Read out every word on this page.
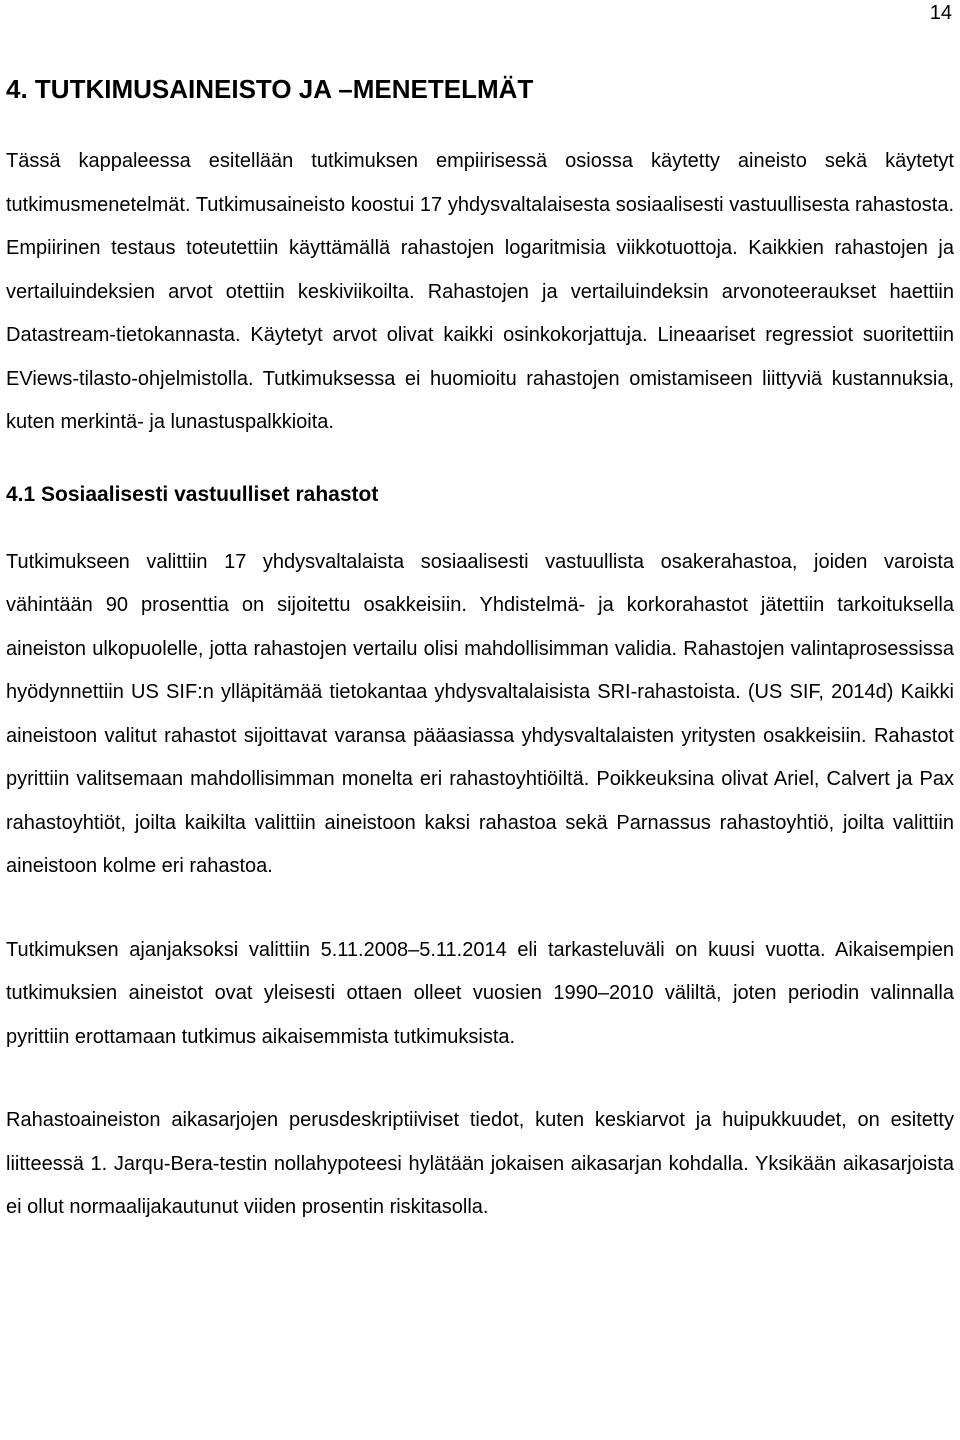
14
4. TUTKIMUSAINEISTO JA –MENETELMÄT

Tässä kappaleessa esitellään tutkimuksen empiirisessä osiossa käytetty aineisto sekä käytetyt tutkimusmenetelmät. Tutkimusaineisto koostui 17 yhdysvaltalaisesta sosiaalisesti vastuullisesta rahastosta. Empiirinen testaus toteutettiin käyttämällä rahastojen logaritmisia viikkotuottoja. Kaikkien rahastojen ja vertailuindeksien arvot otettiin keskiviikoilta. Rahastojen ja vertailuindeksin arvonoteeraukset haettiin Datastream-tietokannasta. Käytetyt arvot olivat kaikki osinkokorjattuja. Lineaariset regressiot suoritettiin EViews-tilasto-ohjelmistolla. Tutkimuksessa ei huomioitu rahastojen omistamiseen liittyviä kustannuksia, kuten merkintä- ja lunastuspalkkioita.

4.1 Sosiaalisesti vastuulliset rahastot

Tutkimukseen valittiin 17 yhdysvaltalaista sosiaalisesti vastuullista osakerahastoa, joiden varoista vähintään 90 prosenttia on sijoitettu osakkeisiin. Yhdistelmä- ja korkorahastot jätettiin tarkoituksella aineiston ulkopuolelle, jotta rahastojen vertailu olisi mahdollisimman validia. Rahastojen valintaprosessissa hyödynnettiin US SIF:n ylläpitämää tietokantaa yhdysvaltalaisista SRI-rahastoista. (US SIF, 2014d) Kaikki aineistoon valitut rahastot sijoittavat varansa pääasiassa yhdysvaltalaisten yritysten osakkeisiin. Rahastot pyrittiin valitsemaan mahdollisimman monelta eri rahastoyhtiöiltä. Poikkeuksina olivat Ariel, Calvert ja Pax rahastoyhtiöt, joilta kaikilta valittiin aineistoon kaksi rahastoa sekä Parnassus rahastoyhtiö, joilta valittiin aineistoon kolme eri rahastoa.

Tutkimuksen ajanjaksoksi valittiin 5.11.2008–5.11.2014 eli tarkasteluväli on kuusi vuotta. Aikaisempien tutkimuksien aineistot ovat yleisesti ottaen olleet vuosien 1990–2010 väliltä, joten periodin valinnalla pyrittiin erottamaan tutkimus aikaisemmista tutkimuksista.

Rahastoaineiston aikasarjojen perusdeskriptiiviset tiedot, kuten keskiarvot ja huipukkuudet, on esitetty liitteessä 1. Jarqu-Bera-testin nollahypoteesi hylätään jokaisen aikasarjan kohdalla. Yksikään aikasarjoista ei ollut normaalijakautunut viiden prosentin riskitasolla.
